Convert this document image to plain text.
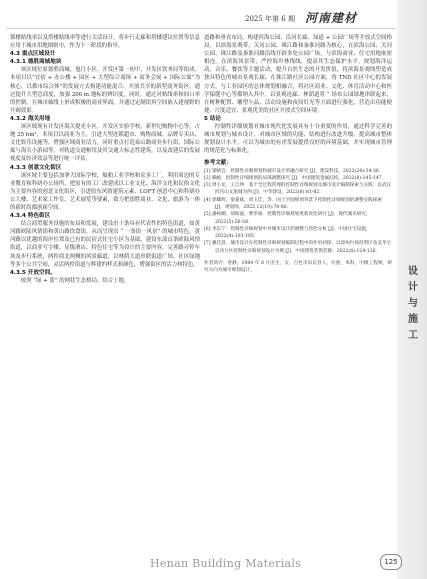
2025 年第 6 期 河南建材

锁楼贴线率以及塔楼贴线率等进行关话设计，将步行走廊和塔楼建议位置等信息应用于城市用地图则中，作为下一阶段的指导。

4.3 重点区域设计
4.3.1 德胜商城地块

该区域位原德胜商城，旭日小区、开发区第一初中，开发区饮务局等组成。本项目以“宜宿 + 办公楼 + 园区 + 大型综合商场 + 商务会展 + 国际公寓”为核心，以都市综合体”的发展方式构建功能混合、开放共享的新型商务街区。通过提升大型总商度，加强 200 m 地标的辨识度，同时，通过对贴线率和间口率的控制，在城市轴线上形成积极的商业界面，并通过定制街角空间嵌入建视野的开阔效果。

4.3.2 海关用地

该区域现有开发区海关提光小区，开发区实验学校，新世纪购物中心等，占地 25 hm²，本项目以商业为主，引进大型连锁超市、购物商城、品牌专卖店、文化娱乐设施等，增强区域商业活力，同时重点打造泰山路商业步行街，国际公寓与海关小游园等，对轨道交通枢纽及其交通大标志性建筑，以及改建后的发展视度及经济效益等进行统一评估。

4.3.3 创意文化街区

该区域主要包括加拿大国际学校、船舶工业学校和众多工厂，利用周边的专业教育和科研办公场所，把原有的工厂改建成以工业文化、海洋文化和民俗文化为主要内容的创意文化街区，引进胶东风情建筑元素、LOFT 创意中心和科研办公大楼、艺术家工作室、艺术展览等要素，致力把德胜商业、文化、旅游为一体的新时尚都创新空间。

4.3.4 特色街区

结合商贸服务设施的布局和发展，建设出十条具有代表性的特色街道，如黄河路欧陆风情街和黄山路饮食街，从而呈现出 “ 一条街一风景” 的城市特色。黄河路以优越的海岸位置及已有的民宿式住宅小区为基础，建设东部首条欧陆风情街道，以商业写字楼、星级酒店、特色住宅等为设计的主要内容，完善路旁停车场及步行系统，两控商北两侧的风景廊道，以林荫大道串联街道广场、社区绿地等多个公共空间，灵活两控街道与辉建的样式和颜色，增强街区的活力和特色。

4.3.5 开放空间。

按照 “绿 + 蓝” 的网状生态格局，结合土地、

道路和垂直布局，构建滨海公园、沿河长廊、绿道 + 公园广场等开放式空间格局，以滨海景观带、关河公园、珠江路和秦淮河路为核心，在滨海公园、关河公园、珠江路及秦淮河路沿线开辟多处公园广场，与滨海商业、住宅用地嵌密相连。在滨海风景带，严控海岸林线线，提高其生态保护水平，规划海洋运动、音乐、餐饮等主题活动，提升自然生态的开发价值，将滨海景观线塑造成独具特色的城市景观长廊。在珠江路社区公园方面，将 TND 社区中心的发展方式，与工业园区的总体规划相融合，将社区商业、文化、体育活动中心和医学保健中心等都纳入其中。以景观连廊、林荫道将 “ 场布公园绿地串联起来，在树种配置、雕塑小品、活动设施和夜间灯光等方面进行强化，营造出功能便捷、尺度适宜、景观优美的社区开放式空间环境。

5 结论

控制性详细规划对城市现代化发展具有十分重要的作用，通过科学完善的城市规划与城市设计，对城市区域的功能、结构进行改进升级，提高城市整体规划设计水平，可以为城市的有序发展提供良好的环境基础，并实现城市管理的规范化与标准化。

参考文献：
[1] 梁晴宜．控制性详细规划和城市设计的融合研究 [J]．建设科技，2022(24):34-36．
[2] 赖媛．控制性详细规划的局部调整探究 [J]．中国建筑金属结构，2022(8):145-147．
[3] 周小龙，王自坤．基于全过程管理的控制性详细规划及城市设计编制探索与实践：以武汉四宫山文旅城为例 [J]．中华建设，2022(8):81-82．
[4] 郭卿辉，梁嘉斌，周玉佳，等．国土空间规划背景下控制性详细规划的调整实践探索 [J]．规划师，2022,12(19):78-86．
[5] 潘杨卿，胡海波，曹华娟．控制性详细规划更新优化研究 [J]．现代城市研究，2022(5):56-58．
[6] 李东宁．控制性详细规划中对城市设计的调整与管控分析 [J]．中国住宅设施，2022(4):103-105．
[7] 戴佳晨．城市设计在控制性详细规划编制过程中的作用初探：以漳州台商投资区角美华宝启动片区控制性详细规划设计为例 [J]．中国建筑装饰装修，2022(8):124-126．

作者简介：曾静，1984 年 8 月出生，女，百色市田东县人，壮族，本科，中级工程师，研究方向为城市规划设计。	设
计
与
施
工
Henan Building Materials	125
